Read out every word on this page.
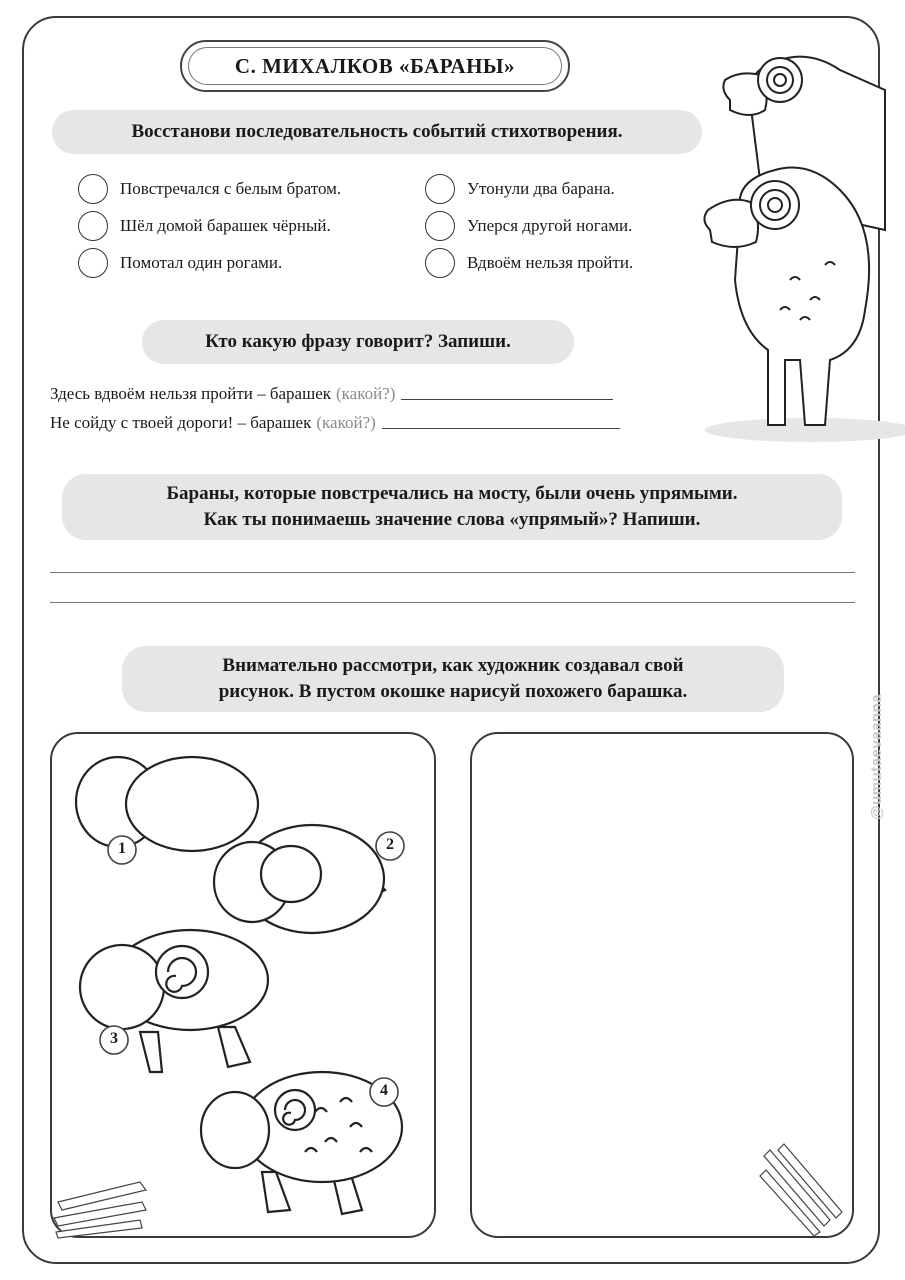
С. МИХАЛКОВ «БАРАНЫ»
Восстанови последовательность событий стихотворения.
Повстречался с белым братом.
Шёл домой барашек чёрный.
Помотал один рогами.
Утонули два барана.
Уперся другой ногами.
Вдвоём нельзя пройти.
Кто какую фразу говорит? Запиши.
Здесь вдвоём нельзя пройти – барашек (какой?)
Не сойду с твоей дороги! – барашек (какой?)
Бараны, которые повстречались на мосту, были очень упрямыми.
Как ты понимаешь значение слова «упрямый»? Напиши.
Внимательно рассмотри, как художник создавал свой
рисунок. В пустом окошке нарисуй похожего барашка.
1	2
3
4
@umutaevaanna
